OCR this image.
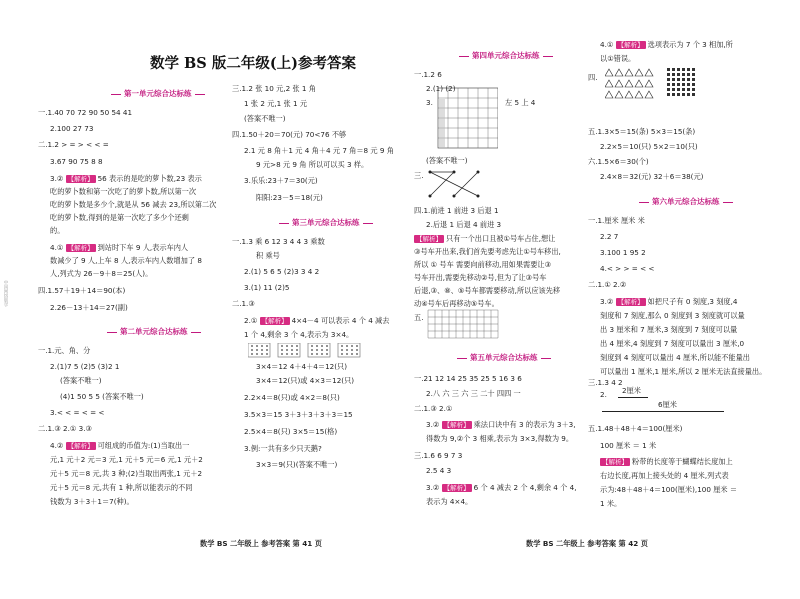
中国网络版学
数学 BS 版二年级(上)参考答案
第一单元综合达标练
一.1.40 70 72 90 50 54 41
2.100 27 73
二.1.2 > = > < < =
3.67 90 75 8 8
3.② 【解析】 56 表示的是吃的萝卜数,23 表示
吃的萝卜数和第一次吃了的萝卜数,所以第一次
吃的萝卜数是多少个,就是从 56 减去 23,所以第二次
吃的萝卜数,得到的是第一次吃了多少个还剩
的。
4.① 【解析】 到站时下车 9 人,表示车内人
数减少了 9 人,上车 8 人,表示车内人数增加了 8
人,列式为 26－9＋8＝25(人)。
四.1.57＋19＋14＝90(本)
2.26－13＋14＝27(副)
第二单元综合达标练
一.1.元、角、分
2.(1)7 5 (2)5 (3)2 1
(答案不唯一)
(4)1 50 5 5 (答案不唯一)
3.< < = < = <
二.1.③ 2.① 3.③
4.② 【解析】 可组成的币值为:(1)当取出一
元,1 元＋2 元＝3 元,1 元＋5 元＝6 元,1 元＋2
元＋5 元＝8 元,共 3 种;(2)当取出两张,1 元＋2
元＋5 元＝8 元,共有 1 种,所以能表示的不同
钱数为 3＋3＋1＝7(种)。
三.1.2 张 10 元,2 张 1 角
1 张 2 元,1 张 1 元
(答案不唯一)
四.1.50＋20＝70(元) 70<76 不够
2.1 元 8 角＋1 元 4 角＋4 元 7 角＝8 元 9 角
9 元>8 元 9 角 所以可以买 3 样。
3.乐乐:23＋7＝30(元)
阳阳:23－5＝18(元)
第三单元综合达标练
一.1.3 乘 6 12 3 4 4 3 乘数
积 乘号
2.(1) 5 6 5 (2)3 3 4 2
3.(1) 11 (2)5
二.1.③
2.① 【解析】 4×4－4 可以表示 4 个 4 减去
1 个 4,剩余 3 个 4,表示为 3×4。
3×4＝12 4＋4＋4＝12(只)
3×4＝12(只)或 4×3＝12(只)
2.2×4＝8(只)或 4×2＝8(只)
3.5×3＝15 3＋3＋3＋3＋3＝15
2.5×4＝8(只) 3×5＝15(格)
3.例:一共有多少只天鹅?
3×3＝9(只)(答案不唯一)
数学 BS 二年级上 参考答案 第 41 页
第四单元综合达标练
一.1.2 6
2.(1) (2)
3.	左 5 上 4
(答案不唯一)
三.
四.1.前进 1 前进 3 后退 1
2.后退 1 后退 4 前进 3
【解析】 只有一个出口且被①号车占住,想让
③号车开出来,我们首先要考虑先让①号车移出,
所以 ① 号车 需要向前移动,用如果需要让③
号车开出,需要先移动②号,但为了让③号车
后退,③、⑧、⑤号车都需要移动,所以应该先移
动④号车后再移动⑤号车。
五.
第五单元综合达标练
一.21 12 14 25 35 25 5 16 3 6
2.八 六 三 六 三 二十 四四 一
二.1.③ 2.①
3.② 【解析】 乘法口诀中有 3 的表示为 3＋3,
得数为 9,②个 3 相乘,表示为 3×3,得数为 9。
三.1.6 6 9 7 3
2.5 4 3
3.② 【解析】 6 个 4 减去 2 个 4,剩余 4 个 4,
表示为 4×4。
4.① 【解析】 选项表示为 7 个 3 相加,所
以①错误。
四.
五.1.3×5＝15(条) 5×3＝15(条)
2.2×5＝10(只) 5×2＝10(只)
六.1.5×6＝30(个)
2.4×8＝32(元) 32＋6＝38(元)
第六单元综合达标练
一.1.厘米 厘米 米
2.2 7
3.100 1 95 2
4.< > > = < <
二.1.① 2.②
3.② 【解析】 如把尺子有 0 刻度,3 刻度,4
刻度和 7 刻度,那么 0 刻度到 3 刻度就可以量
出 3 厘米和 7 厘米,3 刻度到 7 刻度可以量
出 4 厘米,4 刻度到 7 刻度可以量出 3 厘米,0
刻度到 4 刻度可以量出 4 厘米,所以能不能量出
可以量出 1 厘米,1 厘米,所以 2 厘米无法直接量出。
三.1.3 4 2
2. 2厘米
6厘米
五.1.48＋48＋4＝100(厘米)
100 厘米 ＝ 1 米
【解析】 粉带的长度等于蝴蝶结长度加上
右边长度,再加上接头处的 4 厘米,列式表
示为:48＋48＋4＝100(厘米),100 厘米 ＝
1 米。
数学 BS 二年级上 参考答案 第 42 页
